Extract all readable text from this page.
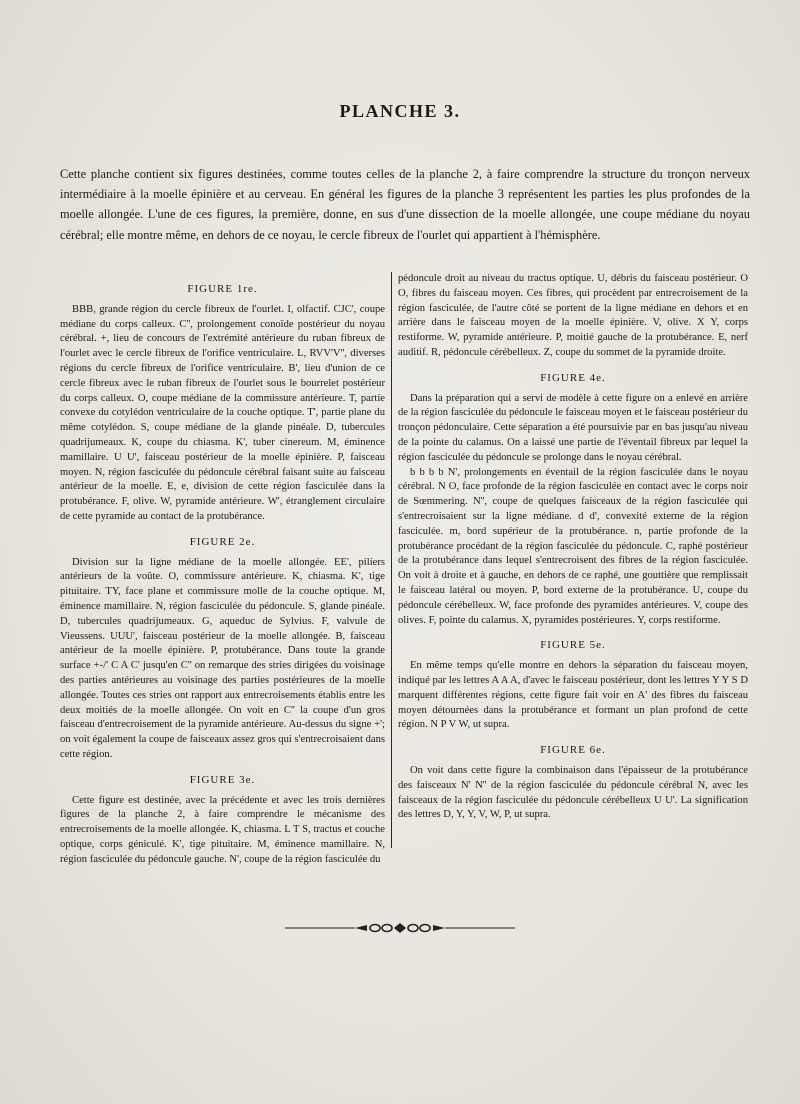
PLANCHE 3.
Cette planche contient six figures destinées, comme toutes celles de la planche 2, à faire comprendre la structure du tronçon nerveux intermédiaire à la moelle épinière et au cerveau. En général les figures de la planche 3 représentent les parties les plus profondes de la moelle allongée. L'une de ces figures, la première, donne, en sus d'une dissection de la moelle allongée, une coupe médiane du noyau cérébral; elle montre même, en dehors de ce noyau, le cercle fibreux de l'ourlet qui appartient à l'hémisphère.
FIGURE 1re.

BBB, grande région du cercle fibreux de l'ourlet. I, olfactif. CJC', coupe médiane du corps calleux. C'', prolongement conoïde postérieur du noyau cérébral. +, lieu de concours de l'extrémité antérieure du ruban fibreux de l'ourlet avec le cercle fibreux de l'orifice ventriculaire. L, RVV'V'', diverses régions du cercle fibreux de l'orifice ventriculaire. B', lieu d'union de ce cercle fibreux avec le ruban fibreux de l'ourlet sous le bourrelet postérieur du corps calleux. O, coupe médiane de la commissure antérieure. T, partie convexe du cotylédon ventriculaire de la couche optique. T', partie plane du même cotylédon. S, coupe médiane de la glande pinéale. D, tubercules quadrijumeaux. K, coupe du chiasma. K', tuber cinereum. M, éminence mamillaire. U U', faisceau postérieur de la moelle épinière. P, faisceau moyen. N, région fasciculée du pédoncule cérébral faisant suite au faisceau antérieur de la moelle. E, e, division de cette région fasciculée dans la protubérance. F, olive. W, pyramide antérieure. W', étranglement circulaire de cette pyramide au contact de la protubérance.

FIGURE 2e.

Division sur la ligne médiane de la moelle allongée. EE', piliers antérieurs de la voûte. O, commissure antérieure. K, chiasma. K', tige pituitaire. TY, face plane et commissure molle de la couche optique. M, éminence mamillaire. N, région fasciculée du pédoncule. S, glande pinéale. D, tubercules quadrijumeaux. G, aqueduc de Sylvius. F, valvule de Vieussens. UUU', faisceau postérieur de la moelle allongée. B, faisceau antérieur de la moelle épinière. P, protubérance. Dans toute la grande surface +-/' C A C' jusqu'en C'' on remarque des stries dirigées du voisinage des parties antérieures au voisinage des parties postérieures de la moelle allongée. Toutes ces stries ont rapport aux entrecroisements établis entre les deux moitiés de la moelle allongée. On voit en C'' la coupe d'un gros faisceau d'entrecroisement de la pyramide antérieure. Au-dessus du signe +'; on voit également la coupe de faisceaux assez gros qui s'entrecroisaient dans cette région.

FIGURE 3e.

Cette figure est destinée, avec la précédente et avec les trois dernières figures de la planche 2, à faire comprendre le mécanisme des entrecroisements de la moelle allongée. K, chiasma. L T S, tractus et couche optique, corps géniculé. K', tige pituitaire. M, éminence mamillaire. N, région fasciculée du pédoncule gauche. N', coupe de la région fasciculée du

pédoncule droit au niveau du tractus optique. U, débris du faisceau postérieur. O O, fibres du faisceau moyen. Ces fibres, qui procèdent par entrecroisement de la région fasciculée, de l'autre côté se portent de la ligne médiane en dehors et en arrière dans le faisceau moyen de la moelle épinière. V, olive. X Y, corps restiforme. W, pyramide antérieure. P, moitié gauche de la protubérance. E, nerf auditif. R, pédoncule cérébelleux. Z, coupe du sommet de la pyramide droite.

FIGURE 4e.

Dans la préparation qui a servi de modèle à cette figure on a enlevé en arrière de la région fasciculée du pédoncule le faisceau moyen et le faisceau postérieur du tronçon pédonculaire. Cette séparation a été poursuivie par en bas jusqu'au niveau de la pointe du calamus. On a laissé une partie de l'éventail fibreux par lequel la région fasciculée du pédoncule se prolonge dans le noyau cérébral.

b b b b N', prolongements en éventail de la région fasciculée dans le noyau cérébral. N O, face profonde de la région fasciculée en contact avec le corps noir de Sœmmering. N'', coupe de quelques faisceaux de la région fasciculée qui s'entrecroisaient sur la ligne médiane. d d', convexité externe de la région fasciculée. m, bord supérieur de la protubérance. n, partie profonde de la protubérance procédant de la région fasciculée du pédoncule. C, raphé postérieur de la protubérance dans lequel s'entrecroisent des fibres de la région fasciculée. On voit à droite et à gauche, en dehors de ce raphé, une gouttière que remplissait le faisceau latéral ou moyen. P, bord externe de la protubérance. U, coupe du pédoncule cérébelleux. W, face profonde des pyramides antérieures. V, coupe des olives. F, pointe du calamus. X, pyramides postérieures. Y, corps restiforme.

FIGURE 5e.

En même temps qu'elle montre en dehors la séparation du faisceau moyen, indiqué par les lettres A A A, d'avec le faisceau postérieur, dont les lettres Y Y S D marquent différentes régions, cette figure fait voir en A' des fibres du faisceau moyen détournées dans la protubérance et formant un plan profond de cette région. N P V W, ut supra.

FIGURE 6e.

On voit dans cette figure la combinaison dans l'épaisseur de la protubérance des faisceaux N' N'' de la région fasciculée du pédoncule cérébral N, avec les faisceaux de la région fasciculée du pédoncule cérébelleux U U'. La signification des lettres D, Y, Y, V, W, P, ut supra.
